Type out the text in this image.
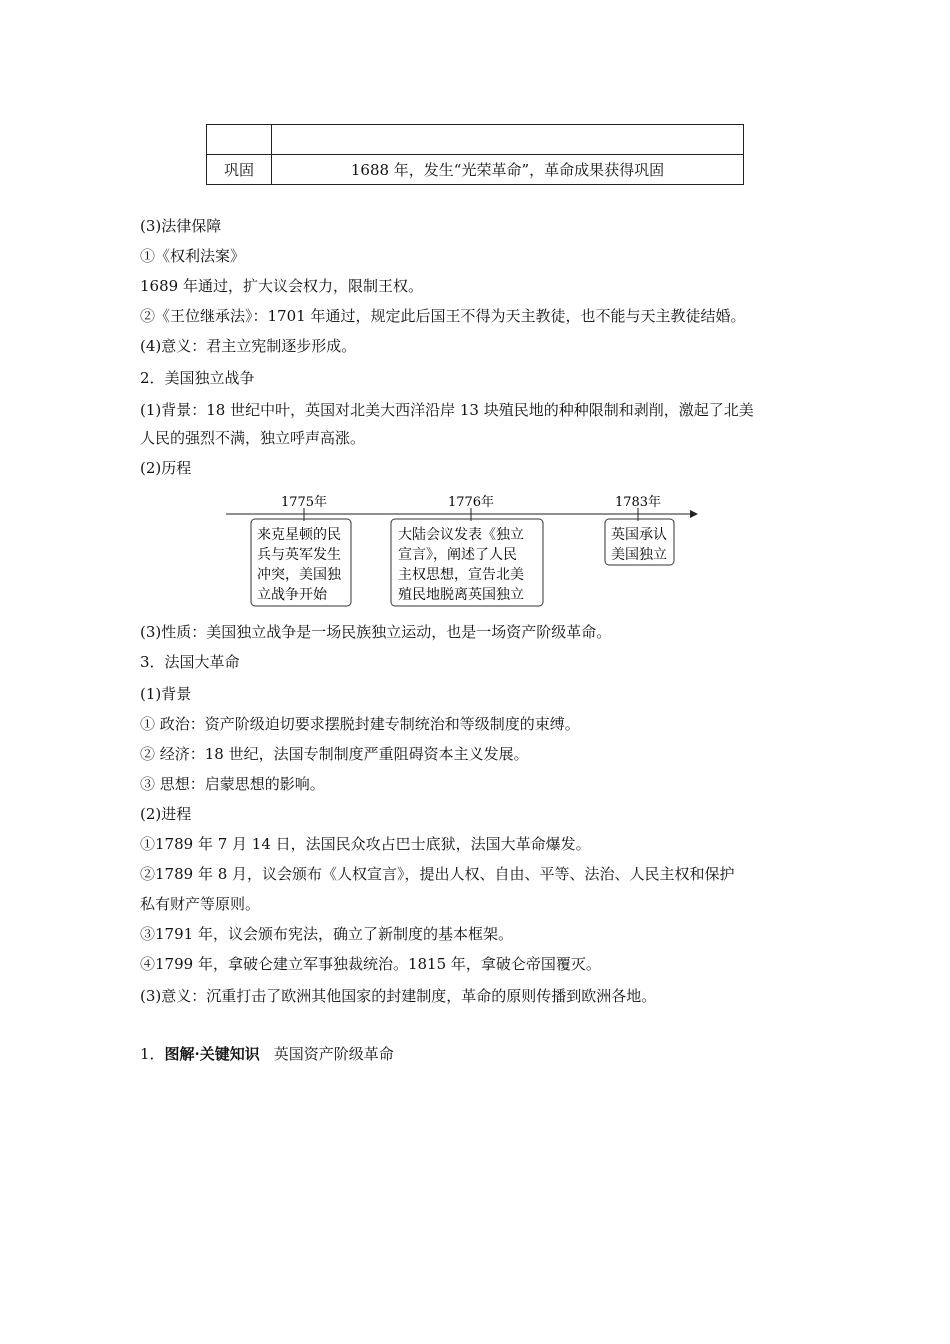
巩固	1688 年，发生“光荣革命”，革命成果获得巩固
(3)法律保障
①《权利法案》
1689 年通过，扩大议会权力，限制王权。
②《王位继承法》：1701 年通过，规定此后国王不得为天主教徒，也不能与天主教徒结婚。
(4)意义：君主立宪制逐步形成。
2．美国独立战争
(1)背景：18 世纪中叶，英国对北美大西洋沿岸 13 块殖民地的种种限制和剥削，激起了北美
人民的强烈不满，独立呼声高涨。
(2)历程
1775年
来克星顿的民
兵与英军发生
冲突，美国独
立战争开始
1776年
大陆会议发表《独立
宣言》，阐述了人民
主权思想，宣告北美
殖民地脱离英国独立
1783年
英国承认
美国独立
(3)性质：美国独立战争是一场民族独立运动，也是一场资产阶级革命。
3．法国大革命
(1)背景
① 政治：资产阶级迫切要求摆脱封建专制统治和等级制度的束缚。
② 经济：18 世纪，法国专制制度严重阻碍资本主义发展。
③ 思想：启蒙思想的影响。
(2)进程
①1789 年 7 月 14 日，法国民众攻占巴士底狱，法国大革命爆发。
②1789 年 8 月，议会颁布《人权宣言》，提出人权、自由、平等、法治、人民主权和保护
私有财产等原则。
③1791 年，议会颁布宪法，确立了新制度的基本框架。
④1799 年，拿破仑建立军事独裁统治。1815 年，拿破仑帝国覆灭。
(3)意义：沉重打击了欧洲其他国家的封建制度，革命的原则传播到欧洲各地。
1．图解·关键知识 英国资产阶级革命
